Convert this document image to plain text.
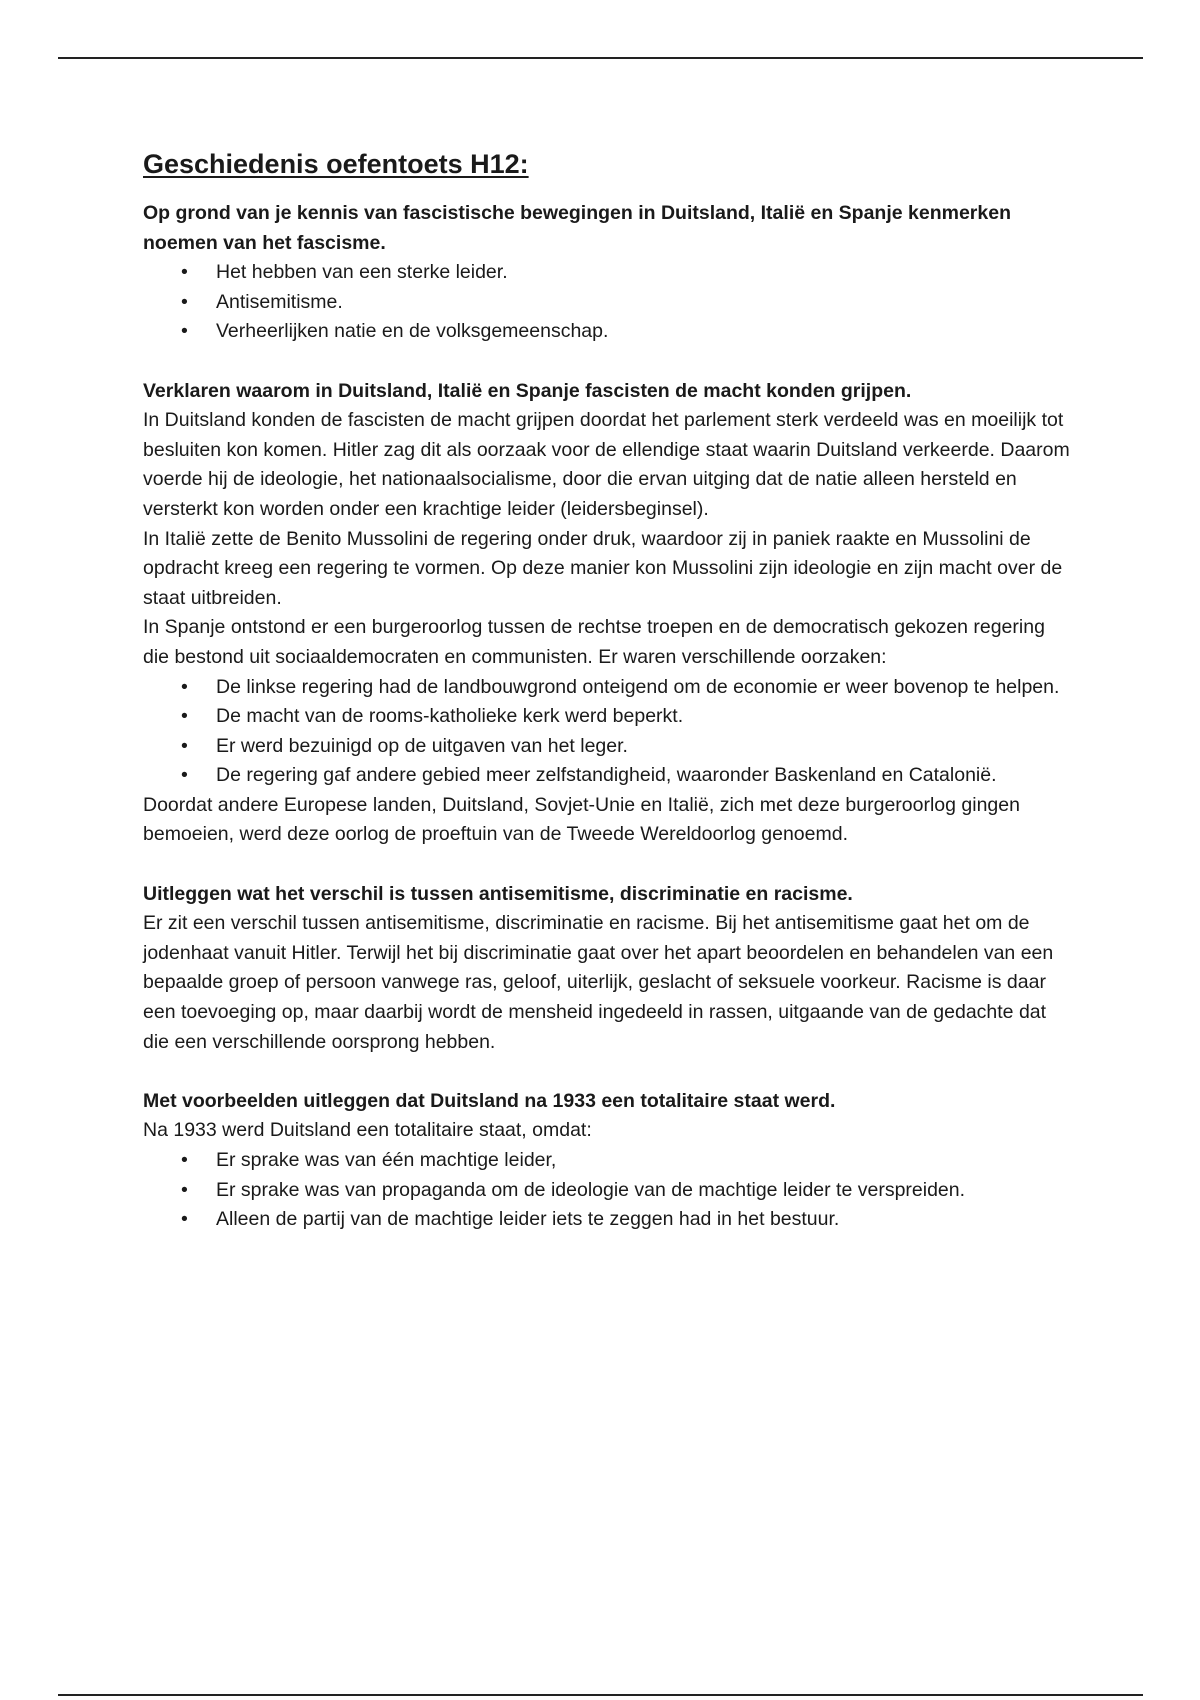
Geschiedenis oefentoets H12:

Op grond van je kennis van fascistische bewegingen in Duitsland, Italië en Spanje kenmerken noemen van het fascisme.

• Het hebben van een sterke leider.
• Antisemitisme.
• Verheerlijken natie en de volksgemeenschap.

Verklaren waarom in Duitsland, Italië en Spanje fascisten de macht konden grijpen.

In Duitsland konden de fascisten de macht grijpen doordat het parlement sterk verdeeld was en moeilijk tot besluiten kon komen. Hitler zag dit als oorzaak voor de ellendige staat waarin Duitsland verkeerde. Daarom voerde hij de ideologie, het nationaalsocialisme, door die ervan uitging dat de natie alleen hersteld en versterkt kon worden onder een krachtige leider (leidersbeginsel).

In Italië zette de Benito Mussolini de regering onder druk, waardoor zij in paniek raakte en Mussolini de opdracht kreeg een regering te vormen. Op deze manier kon Mussolini zijn ideologie en zijn macht over de staat uitbreiden.

In Spanje ontstond er een burgeroorlog tussen de rechtse troepen en de democratisch gekozen regering die bestond uit sociaaldemocraten en communisten. Er waren verschillende oorzaken:

• De linkse regering had de landbouwgrond onteigend om de economie er weer bovenop te helpen.
• De macht van de rooms-katholieke kerk werd beperkt.
• Er werd bezuinigd op de uitgaven van het leger.
• De regering gaf andere gebied meer zelfstandigheid, waaronder Baskenland en Catalonië.

Doordat andere Europese landen, Duitsland, Sovjet-Unie en Italië, zich met deze burgeroorlog gingen bemoeien, werd deze oorlog de proeftuin van de Tweede Wereldoorlog genoemd.

Uitleggen wat het verschil is tussen antisemitisme, discriminatie en racisme.

Er zit een verschil tussen antisemitisme, discriminatie en racisme. Bij het antisemitisme gaat het om de jodenhaat vanuit Hitler. Terwijl het bij discriminatie gaat over het apart beoordelen en behandelen van een bepaalde groep of persoon vanwege ras, geloof, uiterlijk, geslacht of seksuele voorkeur. Racisme is daar een toevoeging op, maar daarbij wordt de mensheid ingedeeld in rassen, uitgaande van de gedachte dat die een verschillende oorsprong hebben.

Met voorbeelden uitleggen dat Duitsland na 1933 een totalitaire staat werd.

Na 1933 werd Duitsland een totalitaire staat, omdat:

• Er sprake was van één machtige leider,
• Er sprake was van propaganda om de ideologie van de machtige leider te verspreiden.
• Alleen de partij van de machtige leider iets te zeggen had in het bestuur.
